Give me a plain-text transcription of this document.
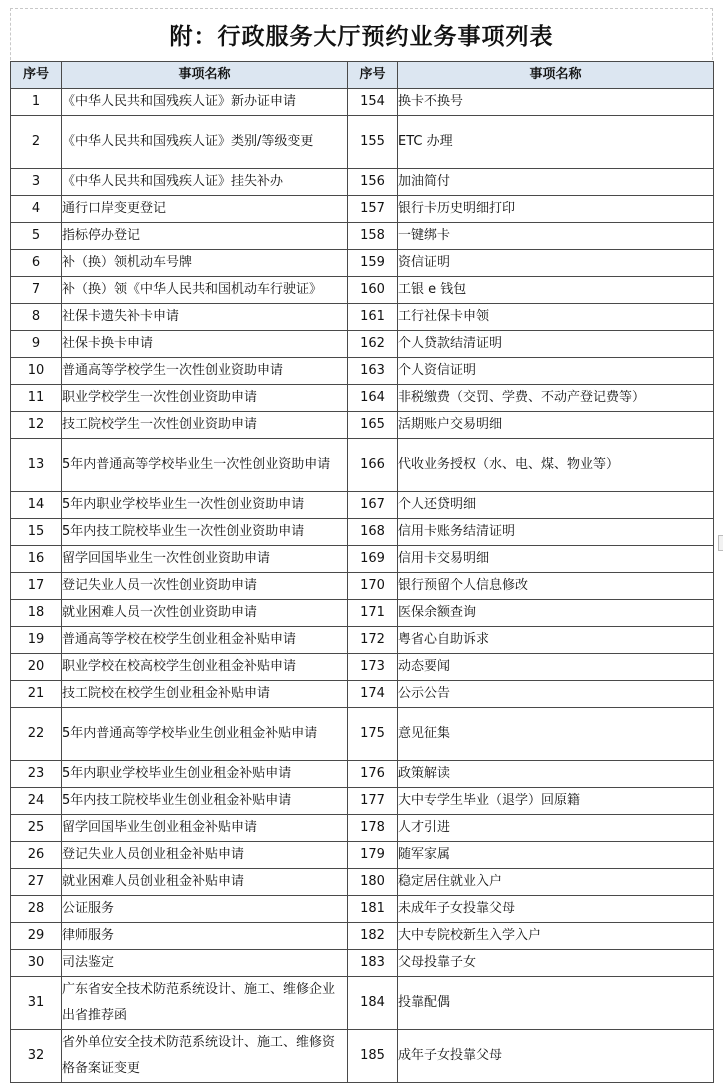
附：行政服务大厅预约业务事项列表
序号	事项名称	序号	事项名称
1	《中华人民共和国残疾人证》新办证申请	154	换卡不换号
2	《中华人民共和国残疾人证》类别/等级变更	155	ETC 办理
3	《中华人民共和国残疾人证》挂失补办	156	加油简付
4	通行口岸变更登记	157	银行卡历史明细打印
5	指标停办登记	158	一键绑卡
6	补（换）领机动车号牌	159	资信证明
7	补（换）领《中华人民共和国机动车行驶证》	160	工银 e 钱包
8	社保卡遗失补卡申请	161	工行社保卡申领
9	社保卡换卡申请	162	个人贷款结清证明
10	普通高等学校学生一次性创业资助申请	163	个人资信证明
11	职业学校学生一次性创业资助申请	164	非税缴费（交罚、学费、不动产登记费等）
12	技工院校学生一次性创业资助申请	165	活期账户交易明细
13	5年内普通高等学校毕业生一次性创业资助申请	166	代收业务授权（水、电、煤、物业等）
14	5年内职业学校毕业生一次性创业资助申请	167	个人还贷明细
15	5年内技工院校毕业生一次性创业资助申请	168	信用卡账务结清证明
16	留学回国毕业生一次性创业资助申请	169	信用卡交易明细
17	登记失业人员一次性创业资助申请	170	银行预留个人信息修改
18	就业困难人员一次性创业资助申请	171	医保余额查询
19	普通高等学校在校学生创业租金补贴申请	172	粤省心自助诉求
20	职业学校在校高校学生创业租金补贴申请	173	动态要闻
21	技工院校在校学生创业租金补贴申请	174	公示公告
22	5年内普通高等学校毕业生创业租金补贴申请	175	意见征集
23	5年内职业学校毕业生创业租金补贴申请	176	政策解读
24	5年内技工院校毕业生创业租金补贴申请	177	大中专学生毕业（退学）回原籍
25	留学回国毕业生创业租金补贴申请	178	人才引进
26	登记失业人员创业租金补贴申请	179	随军家属
27	就业困难人员创业租金补贴申请	180	稳定居住就业入户
28	公证服务	181	未成年子女投靠父母
29	律师服务	182	大中专院校新生入学入户
30	司法鉴定	183	父母投靠子女
31	广东省安全技术防范系统设计、施工、维修企业出省推荐函	184	投靠配偶
32	省外单位安全技术防范系统设计、施工、维修资格备案证变更	185	成年子女投靠父母
